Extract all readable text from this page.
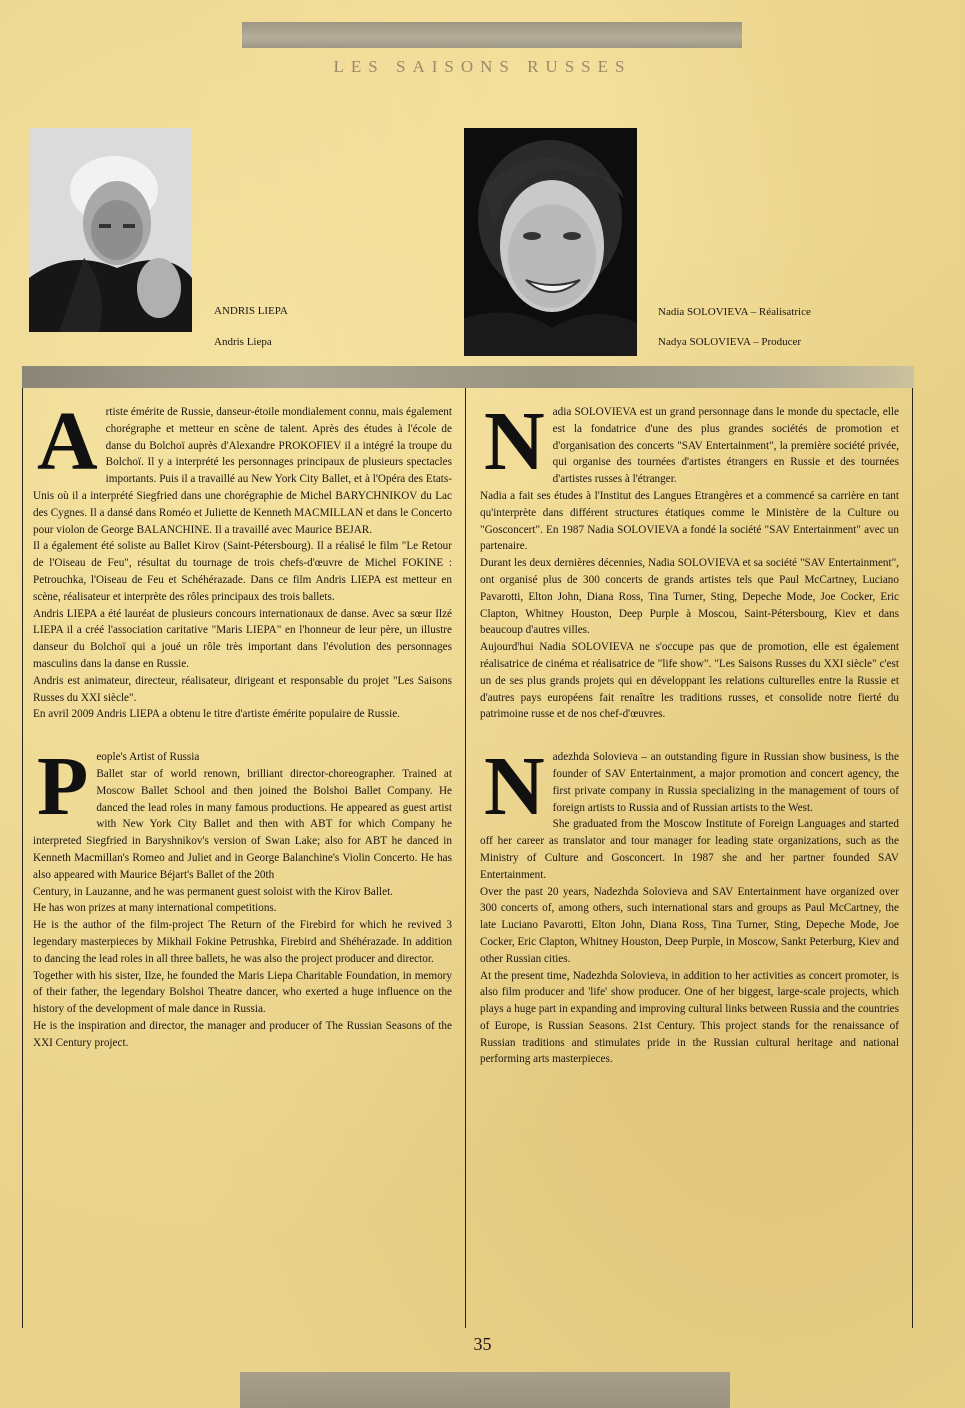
LES SAISONS RUSSES
ANDRIS LIEPA
Andris Liepa
Nadia SOLOVIEVA – Réalisatrice
Nadya SOLOVIEVA – Producer
A rtiste émérite de Russie, danseur-étoile mondialement connu, mais également chorégraphe et metteur en scène de talent. Après des études à l'école de danse du Bolchoï auprès d'Alexandre PROKOFIEV il a intégré la troupe du Bolchoï. Il y a interprété les personnages principaux de plusieurs spectacles importants. Puis il a travaillé au New York City Ballet, et à l'Opéra des Etats-Unis où il a interprété Siegfried dans une chorégraphie de Michel BARYCHNIKOV du Lac des Cygnes. Il a dansé dans Roméo et Juliette de Kenneth MACMILLAN et dans le Concerto pour violon de George BALANCHINE. Il a travaillé avec Maurice BEJAR.

Il a également été soliste au Ballet Kirov (Saint-Pétersbourg). Il a réalisé le film "Le Retour de l'Oiseau de Feu", résultat du tournage de trois chefs-d'œuvre de Michel FOKINE : Petrouchka, l'Oiseau de Feu et Schéhérazade. Dans ce film Andris LIEPA est metteur en scène, réalisateur et interprète des rôles principaux des trois ballets.

Andris LIEPA a été lauréat de plusieurs concours internationaux de danse. Avec sa sœur Ilzé LIEPA il a créé l'association caritative "Maris LIEPA" en l'honneur de leur père, un illustre danseur du Bolchoï qui a joué un rôle très important dans l'évolution des personnages masculins dans la danse en Russie.

Andris est animateur, directeur, réalisateur, dirigeant et responsable du projet "Les Saisons Russes du XXI siècle".

En avril 2009 Andris LIEPA a obtenu le titre d'artiste émérite populaire de Russie.

P eople's Artist of Russia

Ballet star of world renown, brilliant director-choreographer. Trained at Moscow Ballet School and then joined the Bolshoi Ballet Company. He danced the lead roles in many famous productions. He appeared as guest artist with New York City Ballet and then with ABT for which Company he interpreted Siegfried in Baryshnikov's version of Swan Lake; also for ABT he danced in Kenneth Macmillan's Romeo and Juliet and in George Balanchine's Violin Concerto. He has also appeared with Maurice Béjart's Ballet of the 20th

Century, in Lauzanne, and he was permanent guest soloist with the Kirov Ballet.

He has won prizes at many international competitions.

He is the author of the film-project The Return of the Firebird for which he revived 3 legendary masterpieces by Mikhail Fokine Petrushka, Firebird and Shéhérazade. In addition to dancing the lead roles in all three ballets, he was also the project producer and director.

Together with his sister, Ilze, he founded the Maris Liepa Charitable Foundation, in memory of their father, the legendary Bolshoi Theatre dancer, who exerted a huge influence on the history of the development of male dance in Russia.

He is the inspiration and director, the manager and producer of The Russian Seasons of the XXI Century project.

N adia SOLOVIEVA est un grand personnage dans le monde du spectacle, elle est la fondatrice d'une des plus grandes sociétés de promotion et d'organisation des concerts "SAV Entertainment", la première société privée, qui organise des tournées d'artistes étrangers en Russie et des tournées d'artistes russes à l'étranger.

Nadia a fait ses études à l'Institut des Langues Etrangères et a commencé sa carrière en tant qu'interprète dans différent structures étatiques comme le Ministère de la Culture ou "Gosconcert". En 1987 Nadia SOLOVIEVA a fondé la société "SAV Entertainment" avec un partenaire.

Durant les deux dernières décennies, Nadia SOLOVIEVA et sa société "SAV Entertainment", ont organisé plus de 300 concerts de grands artistes tels que Paul McCartney, Luciano Pavarotti, Elton John, Diana Ross, Tina Turner, Sting, Depeche Mode, Joe Cocker, Eric Clapton, Whitney Houston, Deep Purple à Moscou, Saint-Pétersbourg, Kiev et dans beaucoup d'autres villes.

Aujourd'hui Nadia SOLOVIEVA ne s'occupe pas que de promotion, elle est également réalisatrice de cinéma et réalisatrice de "life show". "Les Saisons Russes du XXI siècle" c'est un de ses plus grands projets qui en développant les relations culturelles entre la Russie et d'autres pays européens fait renaître les traditions russes, et consolide notre fierté du patrimoine russe et de nos chef-d'œuvres.

N adezhda Solovieva – an outstanding figure in Russian show business, is the founder of SAV Entertainment, a major promotion and concert agency, the first private company in Russia specializing in the management of tours of foreign artists to Russia and of Russian artists to the West.

She graduated from the Moscow Institute of Foreign Languages and started off her career as translator and tour manager for leading state organizations, such as the Ministry of Culture and Gosconcert. In 1987 she and her partner founded SAV Entertainment.

Over the past 20 years, Nadezhda Solovieva and SAV Entertainment have organized over 300 concerts of, among others, such international stars and groups as Paul McCartney, the late Luciano Pavarotti, Elton John, Diana Ross, Tina Turner, Sting, Depeche Mode, Joe Cocker, Eric Clapton, Whitney Houston, Deep Purple, in Moscow, Sankt Peterburg, Kiev and other Russian cities.

At the present time, Nadezhda Solovieva, in addition to her activities as concert promoter, is also film producer and 'life' show producer. One of her biggest, large-scale projects, which plays a huge part in expanding and improving cultural links between Russia and the countries of Europe, is Russian Seasons. 21st Century. This project stands for the renaissance of Russian traditions and stimulates pride in the Russian cultural heritage and national performing arts masterpieces.

35
